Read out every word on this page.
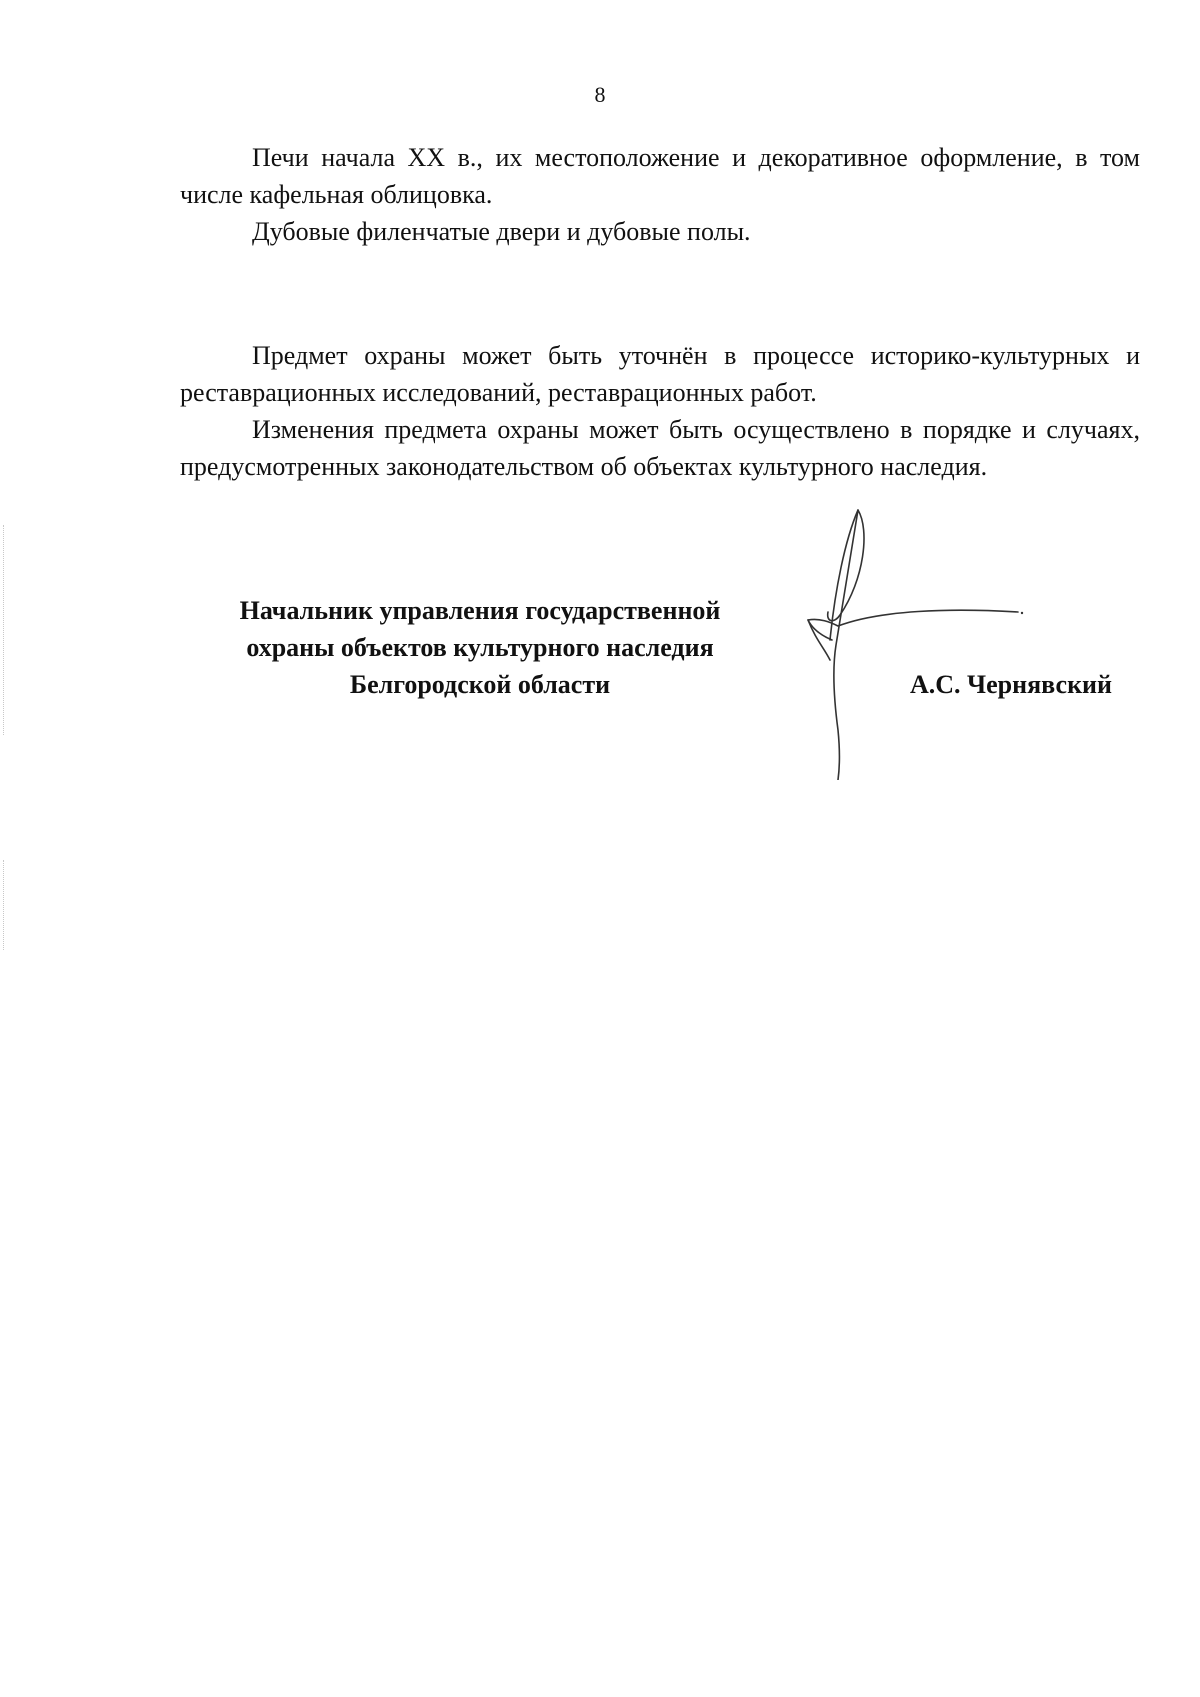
8

Печи начала XX в., их местоположение и декоративное оформление, в том числе кафельная облицовка.

Дубовые филенчатые двери и дубовые полы.

Предмет охраны может быть уточнён в процессе историко-культурных и реставрационных исследований, реставрационных работ.

Изменения предмета охраны может быть осуществлено в порядке и случаях, предусмотренных законодательством об объектах культурного наследия.

Начальник управления государственной
охраны объектов культурного наследия
Белгородской области	А.С. Чернявский
